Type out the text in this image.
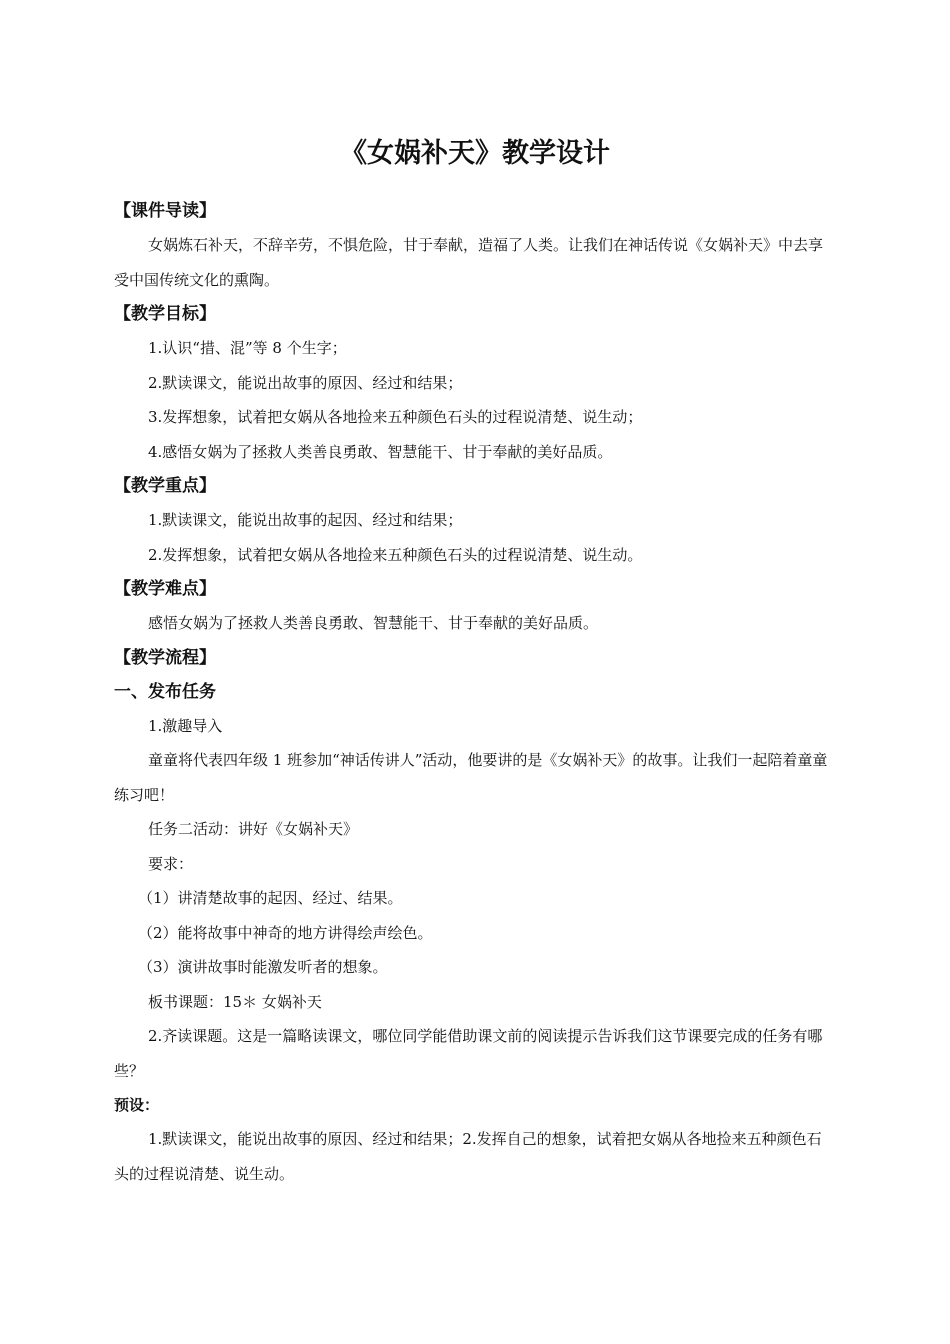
《女娲补天》教学设计
【课件导读】

女娲炼石补天，不辞辛劳，不惧危险，甘于奉献，造福了人类。让我们在神话传说《女娲补天》中去享受中国传统文化的熏陶。

【教学目标】

1.认识“措、混”等 8 个生字；

2.默读课文，能说出故事的原因、经过和结果；

3.发挥想象，试着把女娲从各地捡来五种颜色石头的过程说清楚、说生动；

4.感悟女娲为了拯救人类善良勇敢、智慧能干、甘于奉献的美好品质。

【教学重点】

1.默读课文，能说出故事的起因、经过和结果；

2.发挥想象，试着把女娲从各地捡来五种颜色石头的过程说清楚、说生动。

【教学难点】

感悟女娲为了拯救人类善良勇敢、智慧能干、甘于奉献的美好品质。

【教学流程】
一、发布任务

1.激趣导入

童童将代表四年级 1 班参加“神话传讲人”活动，他要讲的是《女娲补天》的故事。让我们一起陪着童童练习吧！

任务二活动：讲好《女娲补天》

要求：

（1）讲清楚故事的起因、经过、结果。

（2）能将故事中神奇的地方讲得绘声绘色。

（3）演讲故事时能激发听者的想象。

板书课题：15＊ 女娲补天

2.齐读课题。这是一篇略读课文，哪位同学能借助课文前的阅读提示告诉我们这节课要完成的任务有哪些？

预设：

1.默读课文，能说出故事的原因、经过和结果；2.发挥自己的想象，试着把女娲从各地捡来五种颜色石头的过程说清楚、说生动。
